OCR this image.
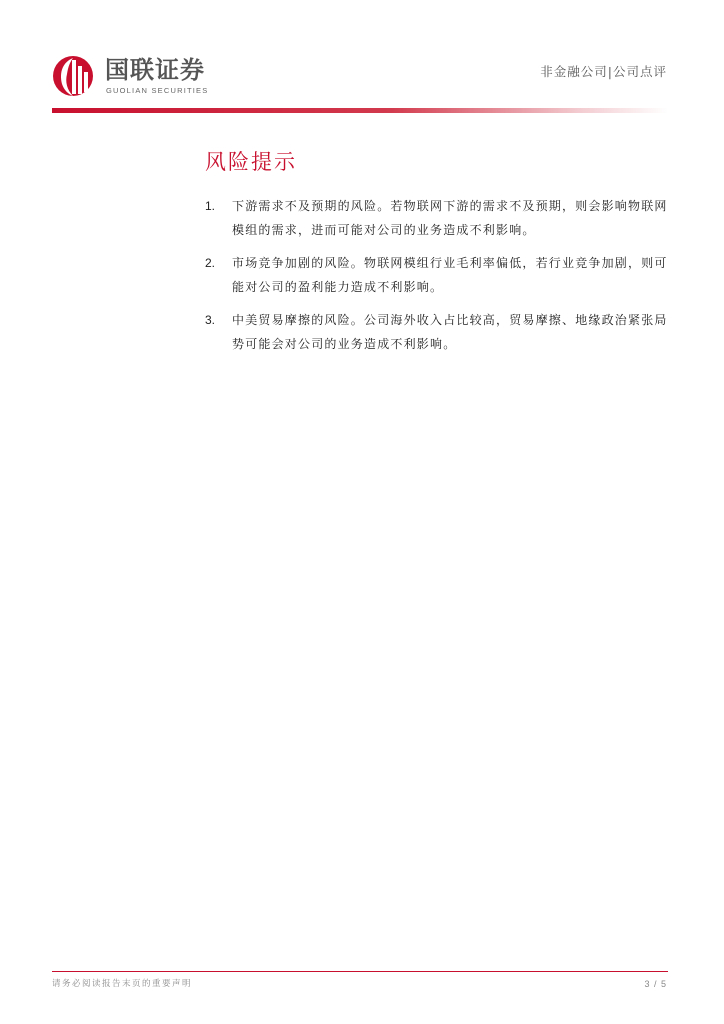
国联证券
GUOLIAN SECURITIES
非金融公司|公司点评
风险提示
1. 下游需求不及预期的风险。若物联网下游的需求不及预期，则会影响物联网模组的需求，进而可能对公司的业务造成不利影响。
2. 市场竞争加剧的风险。物联网模组行业毛利率偏低，若行业竞争加剧，则可能对公司的盈利能力造成不利影响。
3. 中美贸易摩擦的风险。公司海外收入占比较高，贸易摩擦、地缘政治紧张局势可能会对公司的业务造成不利影响。
请务必阅读报告末页的重要声明	3 / 5
